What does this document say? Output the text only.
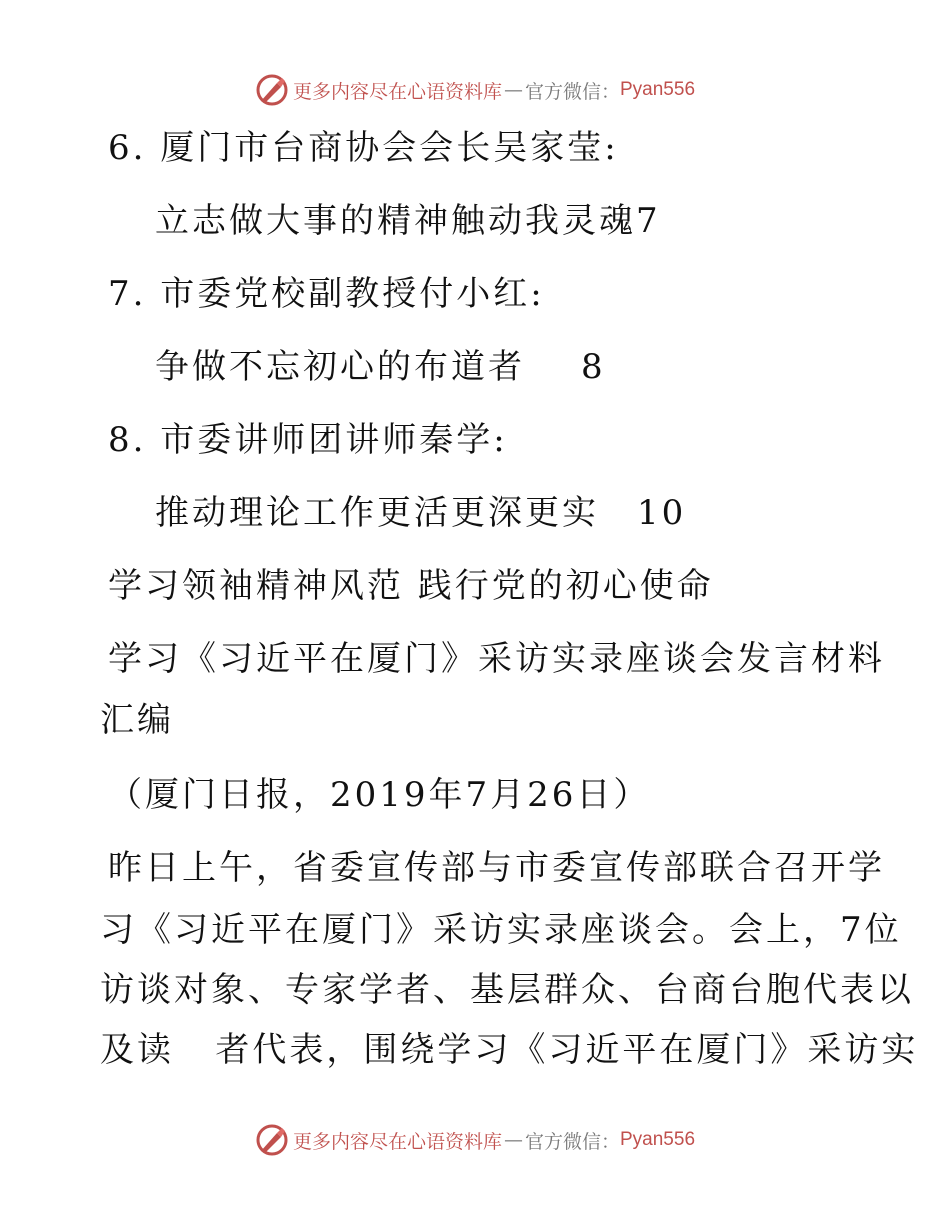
更多内容尽在心语资料库 — 官方微信： Pyan556
6. 厦门市台商协会会长吴家莹:
立志做大事的精神触动我灵魂7
7. 市委党校副教授付小红:
争做不忘初心的布道者 8
8. 市委讲师团讲师秦学:
推动理论工作更活更深更实 10
学习领袖精神风范 践行党的初心使命
学习《习近平在厦门》采访实录座谈会发言材料
汇编
（厦门日报，2019年7月26日）
昨日上午，省委宣传部与市委宣传部联合召开学
习《习近平在厦门》采访实录座谈会。会上，7位
访谈对象、专家学者、基层群众、台商台胞代表以
及读   者代表，围绕学习《习近平在厦门》采访实
更多内容尽在心语资料库 — 官方微信： Pyan556
